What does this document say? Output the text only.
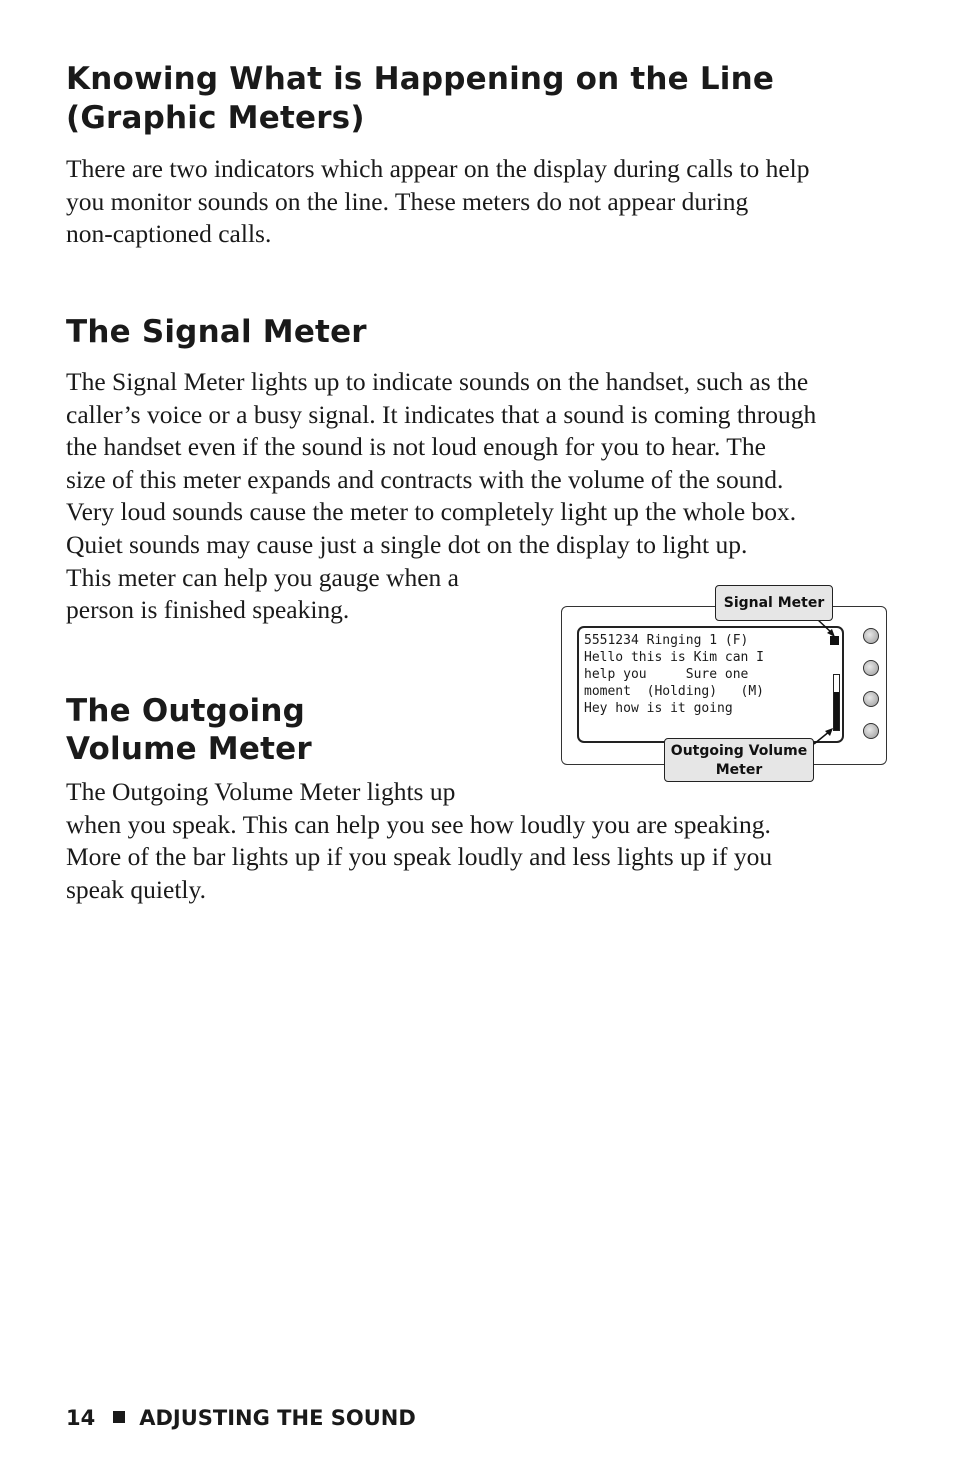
Knowing What is Happening on the Line
(Graphic Meters)

There are two indicators which appear on the display during calls to help
you monitor sounds on the line. These meters do not appear during
non-captioned calls.

The Signal Meter

The Signal Meter lights up to indicate sounds on the handset, such as the
caller’s voice or a busy signal. It indicates that a sound is coming through
the handset even if the sound is not loud enough for you to hear. The
size of this meter expands and contracts with the volume of the sound.
Very loud sounds cause the meter to completely light up the whole box.
Quiet sounds may cause just a single dot on the display to light up.
This meter can help you gauge when a
person is finished speaking.

The Outgoing
Volume Meter

The Outgoing Volume Meter lights up
when you speak. This can help you see how loudly you are speaking.
More of the bar lights up if you speak loudly and less lights up if you
speak quietly.

5551234 Ringing 1 (F)
Hello this is Kim can I
help you     Sure one
moment  (Holding)   (M)
Hey how is it going
Signal Meter
Outgoing Volume
Meter
14 ADJUSTING THE SOUND
